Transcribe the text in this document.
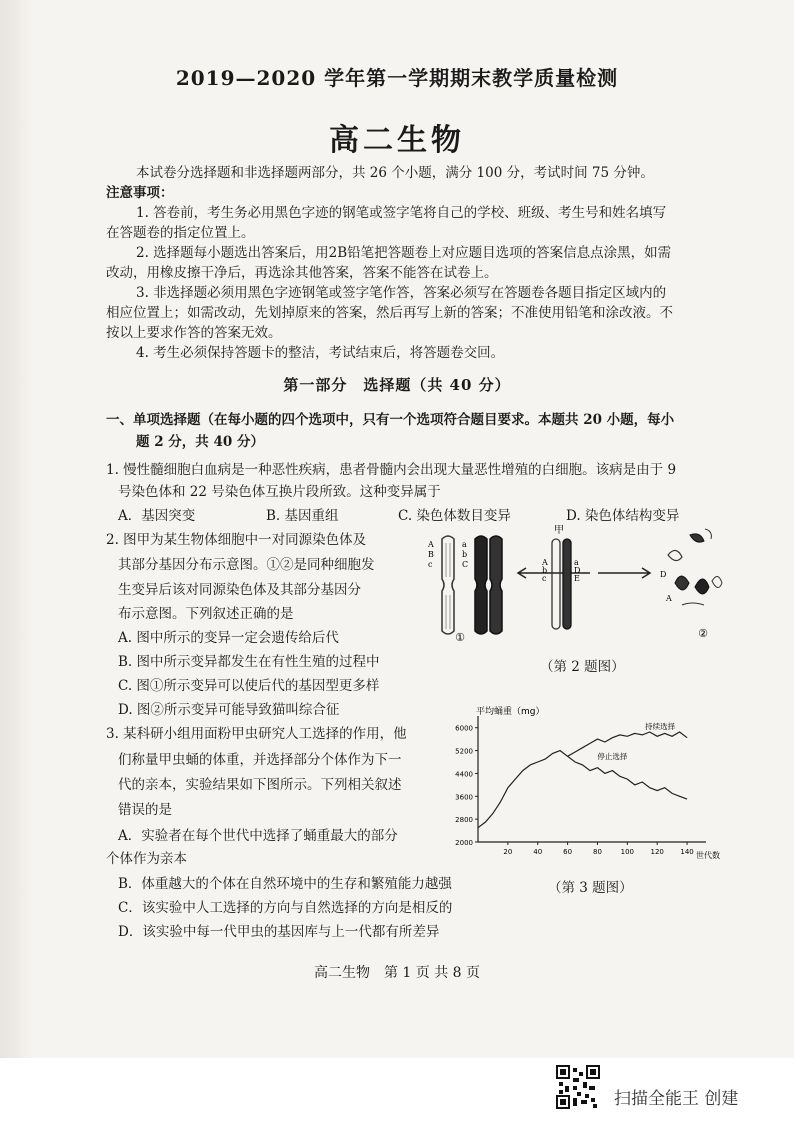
2019—2020 学年第一学期期末教学质量检测
高二生物
本试卷分选择题和非选择题两部分，共 26 个小题，满分 100 分，考试时间 75 分钟。
注意事项：
1. 答卷前，考生务必用黑色字迹的钢笔或签字笔将自己的学校、班级、考生号和姓名填写
在答题卷的指定位置上。
2. 选择题每小题选出答案后，用2B铅笔把答题卷上对应题目选项的答案信息点涂黑，如需
改动，用橡皮擦干净后，再选涂其他答案，答案不能答在试卷上。
3. 非选择题必须用黑色字迹钢笔或签字笔作答，答案必须写在答题卷各题目指定区域内的
相应位置上；如需改动，先划掉原来的答案，然后再写上新的答案；不准使用铅笔和涂改液。不
按以上要求作答的答案无效。
4. 考生必须保持答题卡的整洁，考试结束后，将答题卷交回。
第一部分　选择题（共 40 分）
一、单项选择题（在每小题的四个选项中，只有一个选项符合题目要求。本题共 20 小题，每小
题 2 分，共 40 分）
1. 慢性髓细胞白血病是一种恶性疾病，患者骨髓内会出现大量恶性增殖的白细胞。该病是由于 9
号染色体和 22 号染色体互换片段所致。这种变异属于
A．基因突变	B. 基因重组	C. 染色体数目变异	D. 染色体结构变异
2. 图甲为某生物体细胞中一对同源染色体及
其部分基因分布示意图。①②是同种细胞发
生变异后该对同源染色体及其部分基因分
布示意图。下列叙述正确的是
A. 图中所示的变异一定会遗传给后代
B. 图中所示变异都发生在有性生殖的过程中
C. 图①所示变异可以使后代的基因型更多样
D. 图②所示变异可能导致猫叫综合征
A
B
c
a
b
C
①
A
b
c
a
D
E
甲
D
A
②
（第 2 题图）
3. 某科研小组用面粉甲虫研究人工选择的作用，他
们称量甲虫蛹的体重，并选择部分个体作为下一
代的亲本，实验结果如下图所示。下列相关叙述
错误的是
A．实验者在每个世代中选择了蛹重最大的部分
个体作为亲本
B．体重越大的个体在自然环境中的生存和繁殖能力越强
C．该实验中人工选择的方向与自然选择的方向是相反的
D．该实验中每一代甲虫的基因库与上一代都有所差异
平均蛹重（mg）
世代数
2000
2800
3600
4400
5200
6000
20	40	60	80	100 120 140
持续选择
停止选择
（第 3 题图）
高二生物　第 1 页 共 8 页
扫描全能王 创建
